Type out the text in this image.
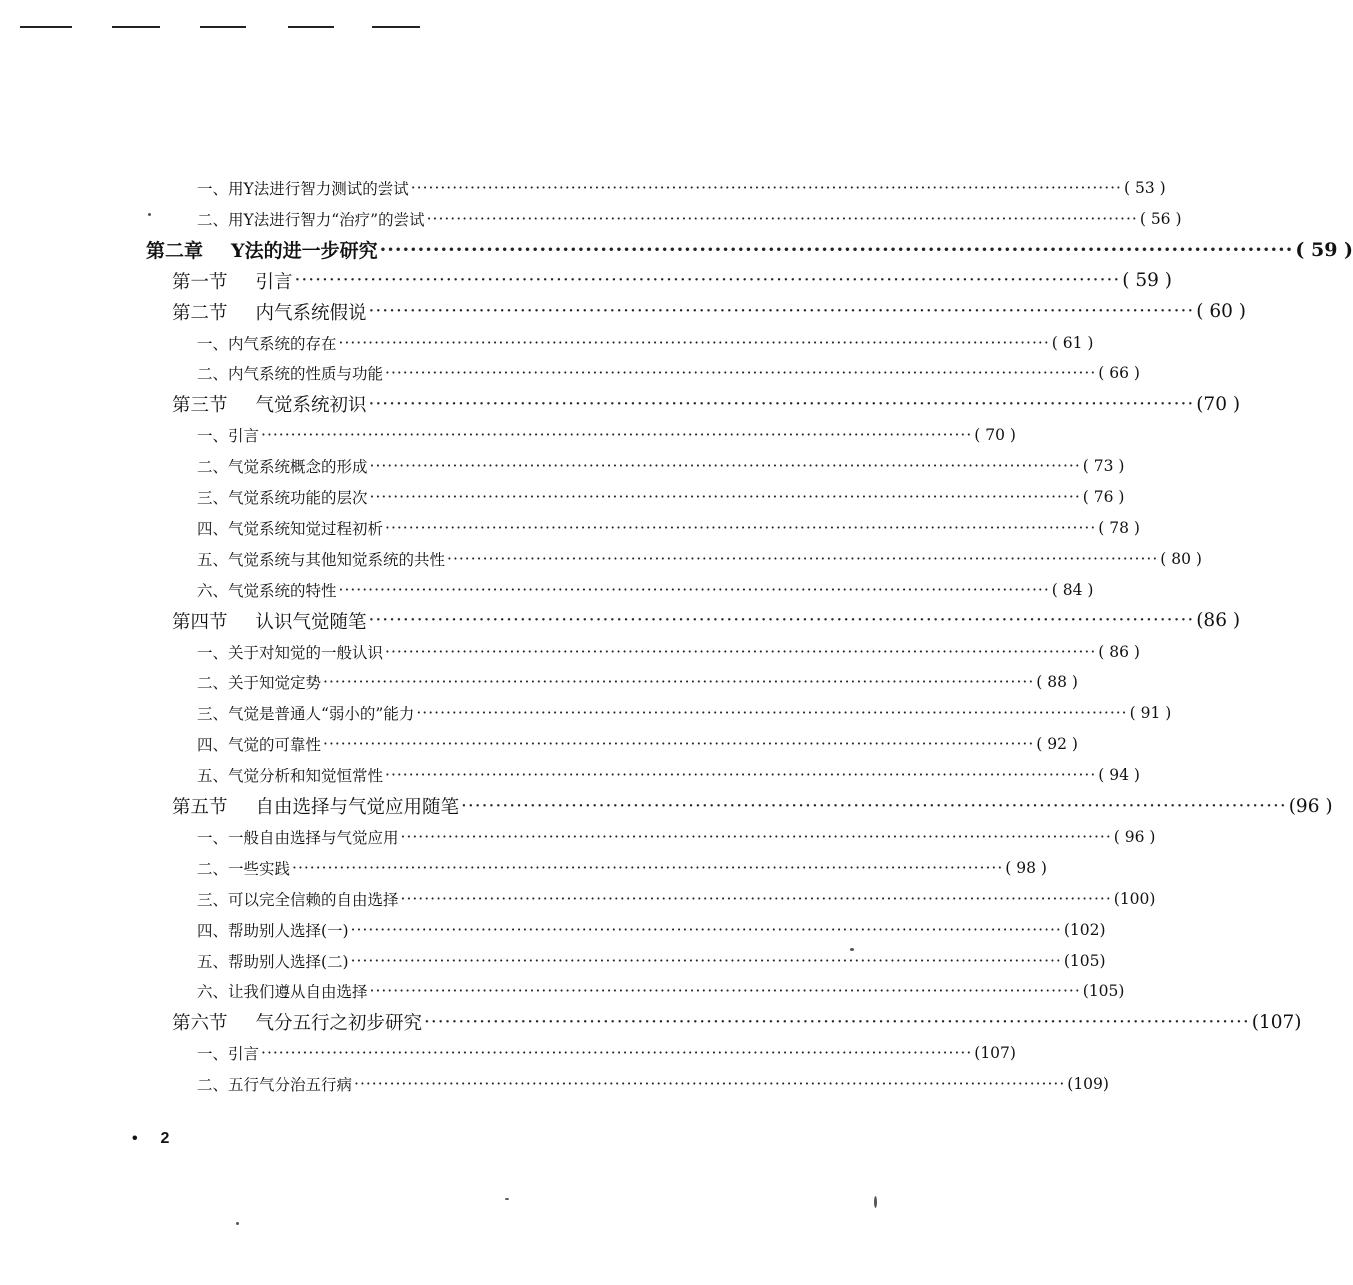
一、用Y法进行智力测试的尝试 ························································································································ ( 53 )
二、用Y法进行智力“治疗”的尝试 ························································································································ ( 56 )
第二章 Y法的进一步研究 ························································································································ ( 59 )
第一节 引言 ························································································································ ( 59 )
第二节 内气系统假说 ························································································································ ( 60 )
一、内气系统的存在 ························································································································ ( 61 )
二、内气系统的性质与功能 ························································································································ ( 66 )
第三节 气觉系统初识 ························································································································ (70 )
一、引言 ························································································································ ( 70 )
二、气觉系统概念的形成 ························································································································ ( 73 )
三、气觉系统功能的层次 ························································································································ ( 76 )
四、气觉系统知觉过程初析 ························································································································ ( 78 )
五、气觉系统与其他知觉系统的共性 ························································································································ ( 80 )
六、气觉系统的特性 ························································································································ ( 84 )
第四节 认识气觉随笔 ························································································································ (86 )
一、关于对知觉的一般认识 ························································································································ ( 86 )
二、关于知觉定势 ························································································································ ( 88 )
三、气觉是普通人“弱小的”能力 ························································································································ ( 91 )
四、气觉的可靠性 ························································································································ ( 92 )
五、气觉分析和知觉恒常性 ························································································································ ( 94 )
第五节 自由选择与气觉应用随笔 ························································································································ (96 )
一、一般自由选择与气觉应用 ························································································································ ( 96 )
二、一些实践 ························································································································ ( 98 )
三、可以完全信赖的自由选择 ························································································································ (100)
四、帮助别人选择(一) ························································································································ (102)
五、帮助别人选择(二) ························································································································ (105)
六、让我们遵从自由选择 ························································································································ (105)
第六节 气分五行之初步研究 ························································································································ (107)
一、引言 ························································································································ (107)
二、五行气分治五行病 ························································································································ (109)
• 2
